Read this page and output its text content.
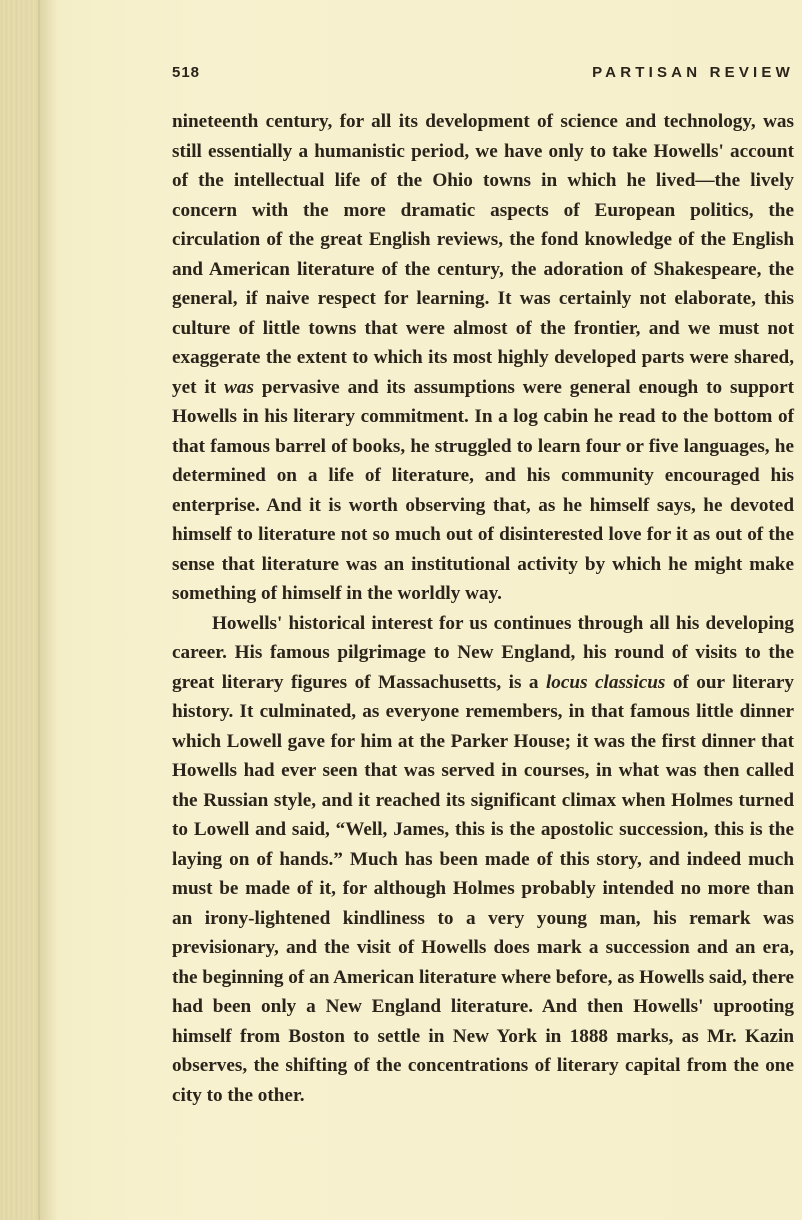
518	PARTISAN REVIEW

nineteenth century, for all its development of science and technology, was still essentially a humanistic period, we have only to take Howells' account of the intellectual life of the Ohio towns in which he lived—the lively concern with the more dramatic aspects of European politics, the circulation of the great English reviews, the fond knowledge of the English and American literature of the century, the adoration of Shakespeare, the general, if naive respect for learning. It was certainly not elaborate, this culture of little towns that were almost of the frontier, and we must not exaggerate the extent to which its most highly developed parts were shared, yet it was pervasive and its assumptions were general enough to support Howells in his literary commitment. In a log cabin he read to the bottom of that famous barrel of books, he struggled to learn four or five languages, he determined on a life of literature, and his community encouraged his enterprise. And it is worth observing that, as he himself says, he devoted himself to literature not so much out of disinterested love for it as out of the sense that literature was an institutional activity by which he might make something of himself in the worldly way.

Howells' historical interest for us continues through all his developing career. His famous pilgrimage to New England, his round of visits to the great literary figures of Massachusetts, is a locus classicus of our literary history. It culminated, as everyone remembers, in that famous little dinner which Lowell gave for him at the Parker House; it was the first dinner that Howells had ever seen that was served in courses, in what was then called the Russian style, and it reached its significant climax when Holmes turned to Lowell and said, “Well, James, this is the apostolic succession, this is the laying on of hands.” Much has been made of this story, and indeed much must be made of it, for although Holmes probably intended no more than an irony-lightened kindliness to a very young man, his remark was previsionary, and the visit of Howells does mark a succession and an era, the beginning of an American literature where before, as Howells said, there had been only a New England literature. And then Howells' uprooting himself from Boston to settle in New York in 1888 marks, as Mr. Kazin observes, the shifting of the concentrations of literary capital from the one city to the other.
